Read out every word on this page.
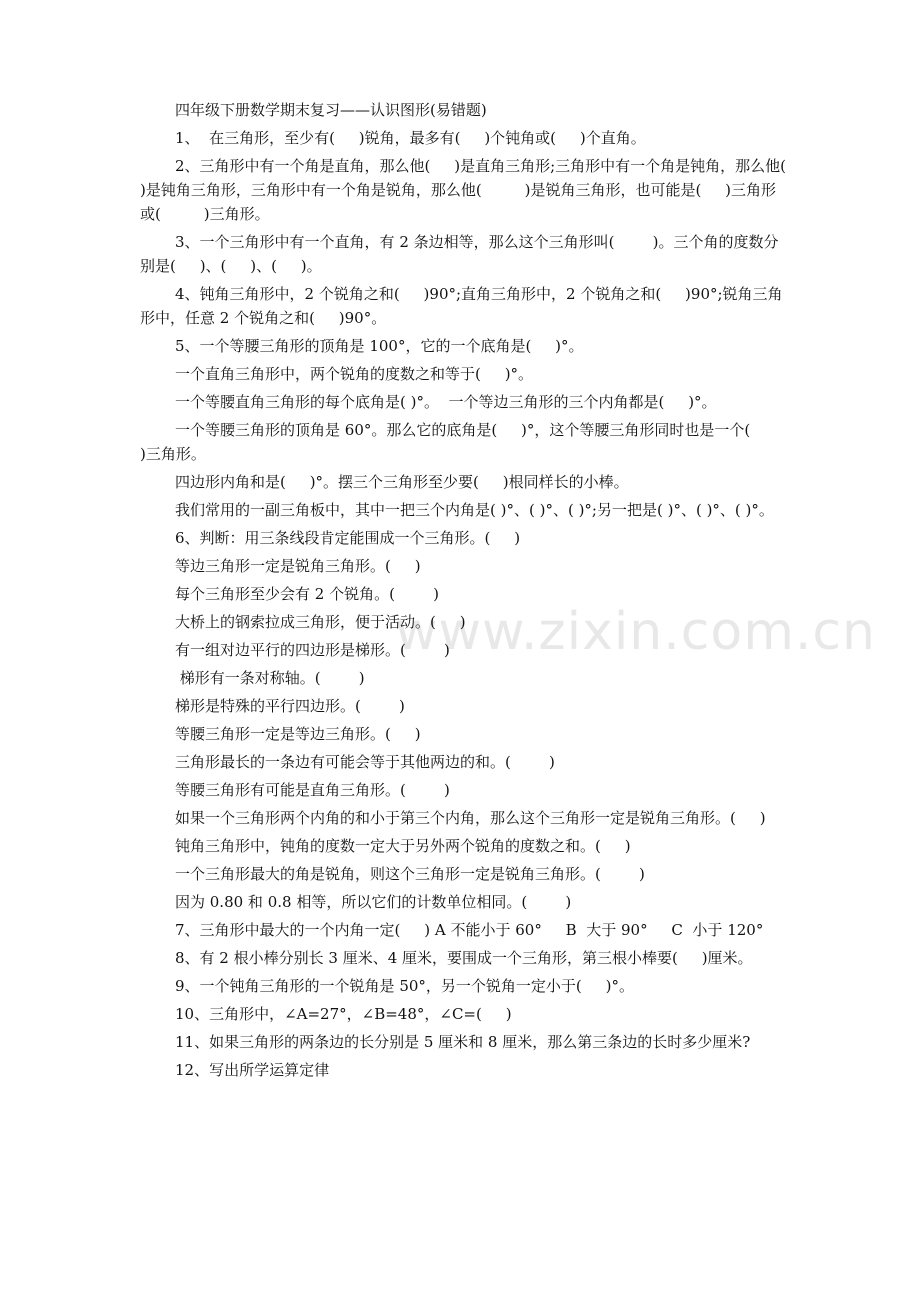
www.zixin.com.cn

四年级下册数学期末复习——认识图形(易错题)

1、  在三角形，至少有(     )锐角，最多有(     )个钝角或(     )个直角。

2、三角形中有一个角是直角，那么他(     )是直角三角形;三角形中有一个角是钝角，那么他(        )是钝角三角形，三角形中有一个角是锐角，那么他(         )是锐角三角形，也可能是(     )三角形或(         )三角形。

3、一个三角形中有一个直角，有 2 条边相等，那么这个三角形叫(        )。三个角的度数分别是(     )、(     )、(     )。

4、钝角三角形中，2 个锐角之和(     )90°;直角三角形中，2 个锐角之和(     )90°;锐角三角形中，任意 2 个锐角之和(     )90°。

5、一个等腰三角形的顶角是 100°，它的一个底角是(     )°。

一个直角三角形中，两个锐角的度数之和等于(     )°。

一个等腰直角三角形的每个底角是( )°。  一个等边三角形的三个内角都是(     )°。

一个等腰三角形的顶角是 60°。那么它的底角是(     )°，这个等腰三角形同时也是一个(        )三角形。

四边形内角和是(     )°。摆三个三角形至少要(     )根同样长的小棒。

我们常用的一副三角板中，其中一把三个内角是( )°、( )°、( )°;另一把是( )°、( )°、( )°。

6、判断：用三条线段肯定能围成一个三角形。(     )

等边三角形一定是锐角三角形。(     )

每个三角形至少会有 2 个锐角。(        )

大桥上的钢索拉成三角形，便于活动。(     )

有一组对边平行的四边形是梯形。(        )

梯形有一条对称轴。(        )

梯形是特殊的平行四边形。(        )

等腰三角形一定是等边三角形。(     )

三角形最长的一条边有可能会等于其他两边的和。(        )

等腰三角形有可能是直角三角形。(        )

如果一个三角形两个内角的和小于第三个内角，那么这个三角形一定是锐角三角形。(     )

钝角三角形中，钝角的度数一定大于另外两个锐角的度数之和。(     )

一个三角形最大的角是锐角，则这个三角形一定是锐角三角形。(        )

因为 0.80 和 0.8 相等，所以它们的计数单位相同。(        )

7、三角形中最大的一个内角一定(     ) A 不能小于 60°     B  大于 90°     C  小于 120°

8、有 2 根小棒分别长 3 厘米、4 厘米，要围成一个三角形，第三根小棒要(     )厘米。

9、一个钝角三角形的一个锐角是 50°，另一个锐角一定小于(     )°。

10、三角形中，∠A=27°，∠B=48°，∠C=(     )

11、如果三角形的两条边的长分别是 5 厘米和 8 厘米，那么第三条边的长时多少厘米?

12、写出所学运算定律
